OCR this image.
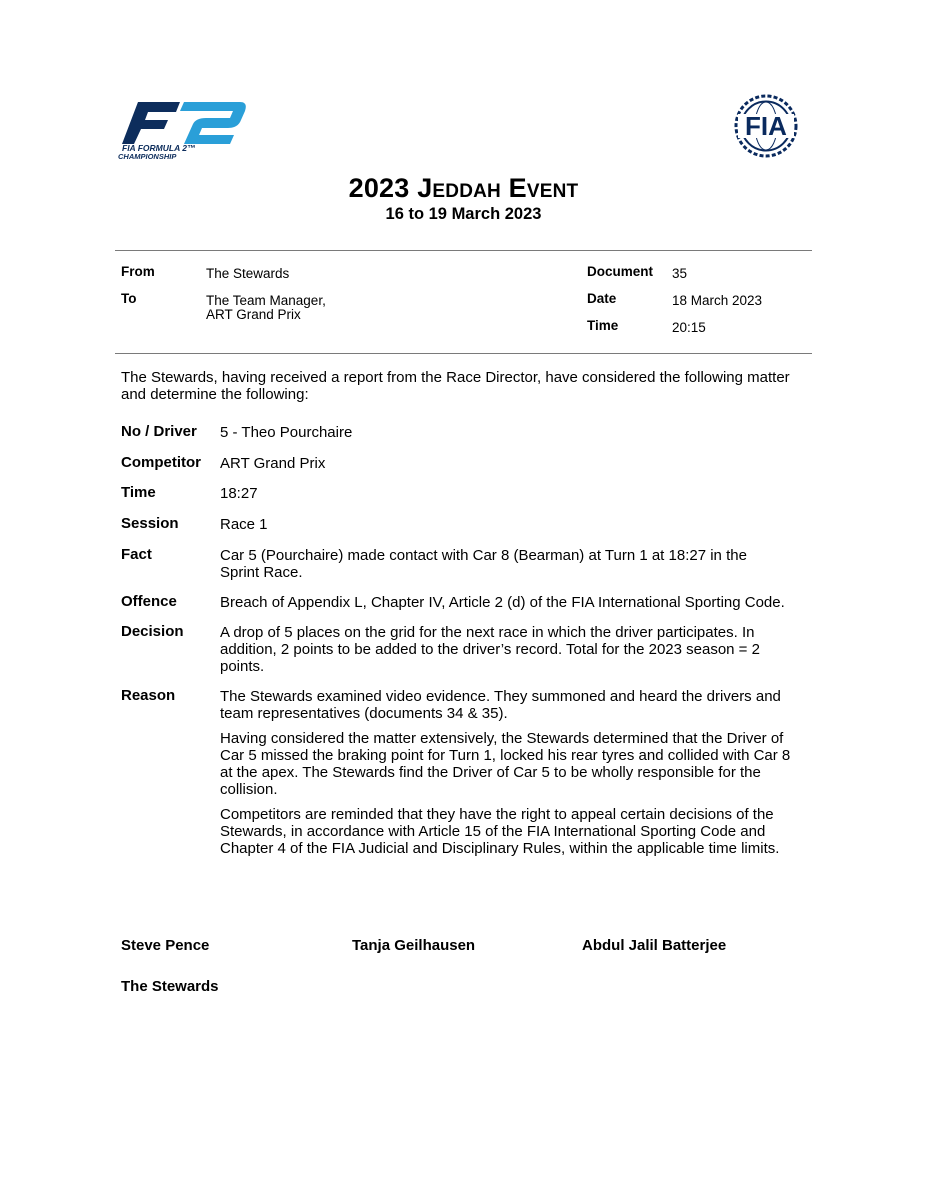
FIA FORMULA 2™
CHAMPIONSHIP
FIA
2023 Jeddah Event
16 to 19 March 2023
From	The Stewards
To	The Team Manager,
ART Grand Prix
Document 35
Date	18 March 2023
Time	20:15
The Stewards, having received a report from the Race Director, have considered the following matter and determine the following:
No / Driver 5 - Theo Pourchaire
Competitor ART Grand Prix
Time	18:27
Session	Race 1
Fact	Car 5 (Pourchaire) made contact with Car 8 (Bearman) at Turn 1 at 18:27 in the Sprint Race.
Offence	Breach of Appendix L, Chapter IV, Article 2 (d) of the FIA International Sporting Code.
Decision A drop of 5 places on the grid for the next race in which the driver participates. In addition, 2 points to be added to the driver’s record. Total for the 2023 season = 2 points.
Reason	The Stewards examined video evidence. They summoned and heard the drivers and team representatives (documents 34 & 35).

Having considered the matter extensively, the Stewards determined that the Driver of Car 5 missed the braking point for Turn 1, locked his rear tyres and collided with Car 8 at the apex. The Stewards find the Driver of Car 5 to be wholly responsible for the collision.

Competitors are reminded that they have the right to appeal certain decisions of the Stewards, in accordance with Article 15 of the FIA International Sporting Code and Chapter 4 of the FIA Judicial and Disciplinary Rules, within the applicable time limits.

Steve Pence	Tanja Geilhausen	Abdul Jalil Batterjee
The Stewards
